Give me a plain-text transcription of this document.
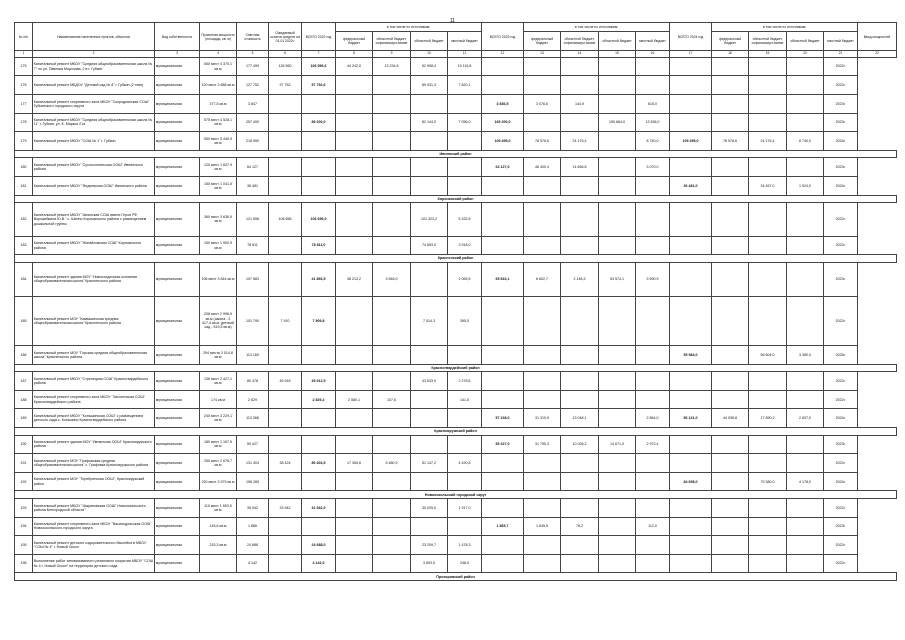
11
№ п/п	Наименование населенных пунктов, объектов	Вид собственности	Проектная мощность (площадь, кв. м)	Сметная стоимость	Ожидаемый остаток средств на 01.01.2022г.	ВСЕГО 2022 год	в том числе по источникам:				ВСЕГО 2023 год	в том числе по источникам:				ВСЕГО 2024 год	в том числе по источникам:				Ввод мощностей
							федеральный бюджет	областной бюджет, софинансиро-вание	областной бюджет	местный бюджет		федеральный бюджет	областной бюджет, софинансиро-вание	областной бюджет	местный бюджет		федеральный бюджет	областной бюджет, софинансиро-вание	областной бюджет	местный бюджет	
1	2	3	4	5	6	7	8	9	10	11	12	13	14	15	16	17	18	19	20	21	22
175	Капитальный ремонт МБОУ "Средняя общеобразовательная школа № 7" по ул. Павлика Морозова, 2 в г. Губкин	муниципальная	550 мест 4 370,1 кв.м	177 499	126 560	106 596,6	44 242,0	13 234,8	52 998,4	19 119,8										2022г.	
176	Капитальный ремонт МБДОУ "Детский сад № 8" г. Губкин (2 этап)	муниципальная	120 мест 3 688 кв.м	127 752	97 752	97 752,6			89 931,3	7 820,1										2022г.	
177	Капитальный ремонт спортивного зала МБОУ "Скороднянская СОШ" Губкинского городского округа	муниципальная	377,5 кв.м	3 847							3 836,5	3 076,6	144,9		615,0					2023г.	
178	Капитальный ремонт МБОУ "Средняя общеобразовательная школа № 11" г. Губкин, ул. К. Маркса 21а	муниципальная	575 мест 4 528,1 кв.м	257 400		89 200,0			82 144,0	7 056,0	169 200,0			155 664,0	13 536,0					2023г.	
179	Капитальный ремонт МБОУ "СОШ № 1" г. Губкин	муниципальная	550 мест 5 445,9 кв.м	218 990							109 495,0	76 578,6	24 176,4		8 740,0	109 495,0	76 578,6	24 176,4	8 740,0	2024г.	
Ивнянский район																					
180	Капитальный ремонт МБОУ "Сухосолотинская ООШ" Ивнянского района	муниципальная	120 мест 1 637,9 кв.м	64 127							64 127,0	46 400,4	14 656,6		3 070,0					2023г.	
181	Капитальный ремонт МБОУ "Федчевская ООШ" Ивнянского района	муниципальная	150 мест 1 041,5 кв.м	36 481												36 481,0		34 457,0	1 924,0	2024г.	
Корочанский район																					
182	Капитальный ремонт МБОУ "Шеинская СОШ имени Героя РФ Ворожейкина Ю.В." с. Шеино Корочанского района с размещением дошкольной группы	муниципальная	360 мест 3 636,9 кв.м	121 656	106 656	106 656,0			101 323,2	5 332,8										2022г.	
183	Капитальный ремонт МБОУ "Жигайловская СОШ" Корочанского района	муниципальная	150 мест 1 900,9 кв.м	78 811		78 811,0			74 893,0	3 918,0										2022г.	
Красненский район																					
184	Капитальный ремонт здания МОУ "Новосолдатская основная общеобразовательная школа" Красненского района	муниципальная	196 мест 3 844 кв.м	107 683		41 866,5	36 213,2	3 546,0		2 069,5	65 816,1	6 602,7	2 148,3	53 574,1	3 590,9					2023г.	
185	Капитальный ремонт МОУ "Камышинская средняя общеобразовательная школа" Красненского района	муниципальная	208 мест 2 996,9 кв.м (школа - 2 417,4 кв.м, детский сад - 519,5 кв.м)	101 790	7 910	7 909,8			7 514,3	395,5										2022г.	
186	Капитальный ремонт МОУ "Горская средняя общеобразовательная школа" Красненского района	муниципальная	294 места 3 014,8 кв.м	113 169												59 984,0		56 604,0	3 380,0	2025г.	
Красногвардейский район																					
187	Капитальный ремонт МБОУ "Стрелецкая СОШ" Красногвардейского района	муниципальная	136 мест 2 427,1 кв.м	80 478	45 918	45 912,5			43 633,9	2 278,6										2022г.	
188	Капитальный ремонт спортивного зала МБОУ "Засосенская СОШ" Красногвардейского района	муниципальная	174 кв.м	2 829		2 829,2	2 580,1	107,6		141,5										2022г.	
189	Капитальный ремонт МБОУ "Коньшинская СОШ" с размещением детского сада с. Коньшино Красногвардейского района	муниципальная	240 мест 3 229,1 кв.м	113 368							57 228,0	31 310,9	13 048,1		2 864,0	56 141,0	44 938,8	17 890,2	2 837,0	2024г.	
Краснояружский район																					
190	Капитальный ремонт здания МОУ "Ивнянская ООШ" Краснояружского района	муниципальная	180 мест 1 167,5 кв.м	59 427							59 427,0	31 755,3	10 028,2	14 671,0	2 972,4					2023г.	
191	Капитальный ремонт МОУ "Графовская средняя общеобразовательная школа" с. Графовка Краснояружского района	муниципальная	250 мест 2 676,7 кв.м	131 404	38 424	80 404,5	17 355,6	5 480,9	51 147,2	4 420,8										2022г.	
192	Капитальный ремонт МОУ "Теребренская ООШ", Краснояружский район	муниципальная	220 мест 3 979 кв.м	198 265												84 698,0		79 380,0	4 178,0	2024г.	
Новооскольский городской округ																					
193	Капитальный ремонт МБОУ "Шараповская ООШ" Новооскольского района Белгородской области"	муниципальная	110 мест 1 553,5 кв.м	35 942	33 942	31 942,0			30 025,0	1 917,0										2022г.	
194	Капитальный ремонт спортивного зала МБОУ "Васильдольская ООШ" Новооскольского городского округа	муниципальная	145,6 кв.м	1 866							1 865,7	1 645,5	78,2		112,0					2023г.	
195	Капитальный ремонт детского оздоровительного бассейна в МБОУ "СОШ № 4" г. Новый Оскол	муниципальная	215,3 кв.м	24 688		24 688,0			23 209,7	1 478,3										2022г.	
196	Выполнение работ типовизованного резинового покрытия МБОУ "СОШ № 4 г. Новый Оскол" на территории детского сада	муниципальная		4 142		4 142,0			3 893,5	248,5										2022г.	
Прохоровский район																					
